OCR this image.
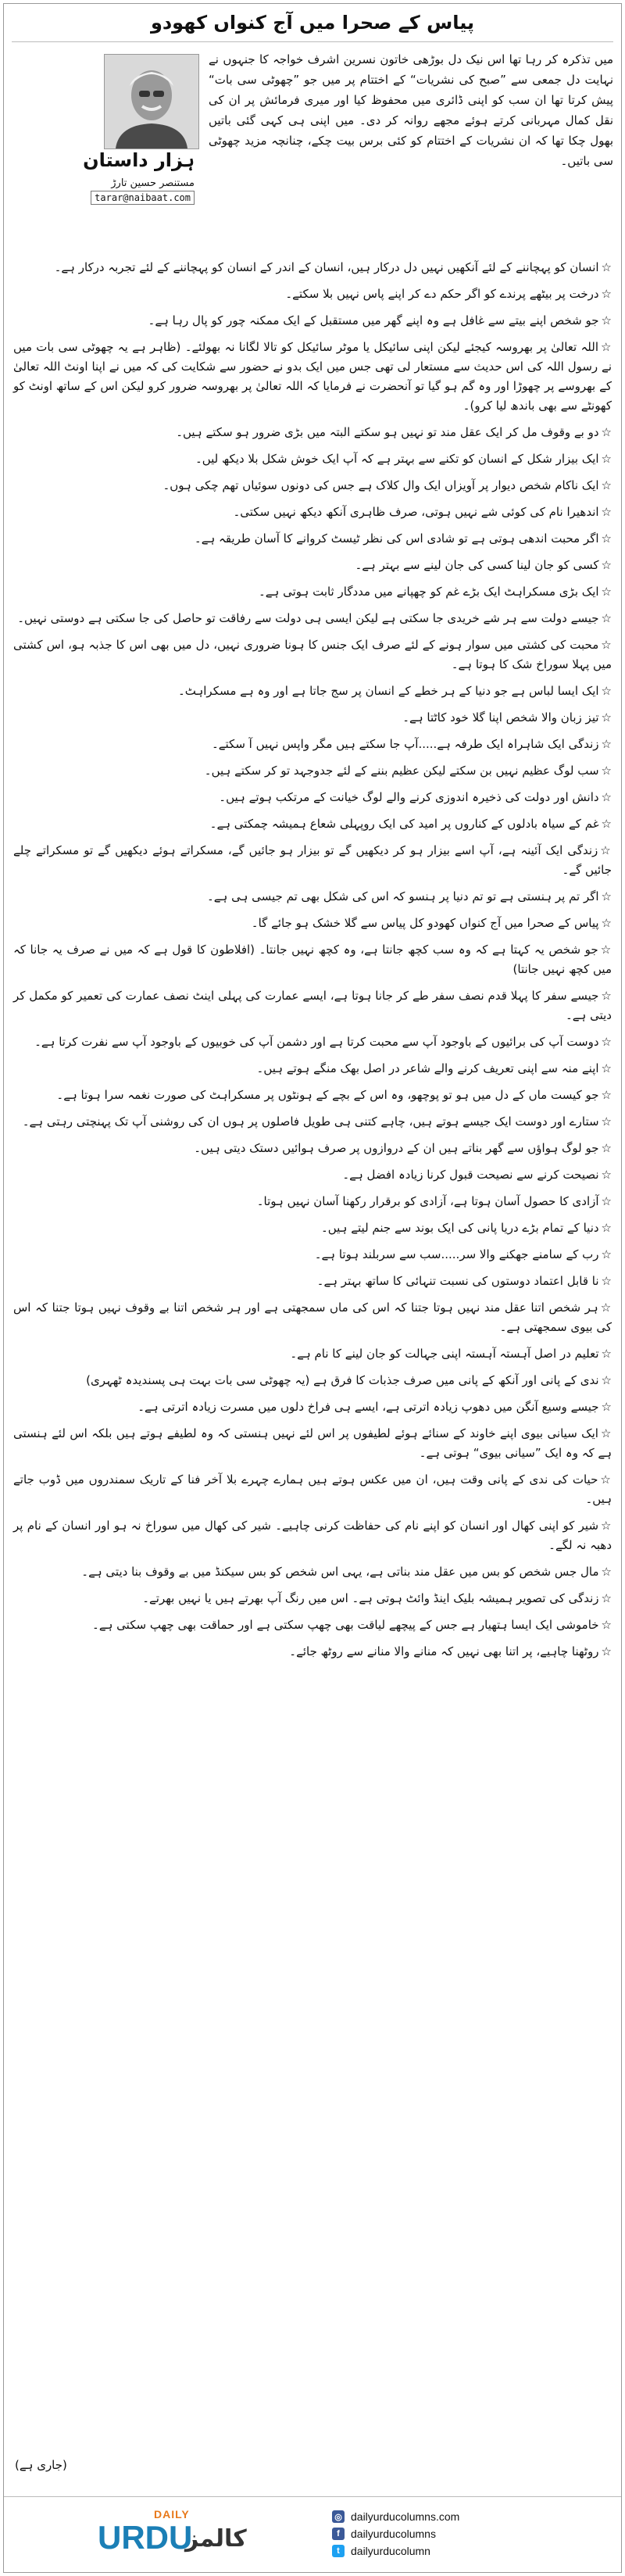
پیاس کے صحرا میں آج کنواں کھودو
ہزار داستان
مستنصر حسین تارڑ
tarar@naibaat.com
میں تذکرہ کر رہا تھا اس نیک دل بوڑھی خاتون نسرین اشرف خواجہ کا جنہوں نے نہایت دل جمعی سے ”صبح کی نشریات“ کے اختتام پر میں جو ”چھوٹی سی بات“ پیش کرتا تھا ان سب کو اپنی ڈائری میں محفوظ کیا اور میری فرمائش پر ان کی نقل کمال مہربانی کرتے ہوئے مجھے روانہ کر دی۔ میں اپنی ہی کہی گئی باتیں بھول چکا تھا کہ ان نشریات کے اختتام کو کئی برس بیت چکے، چنانچہ مزید چھوٹی سی باتیں۔

☆انسان کو پہچاننے کے لئے آنکھیں نہیں دل درکار ہیں، انسان کے اندر کے انسان کو پہچاننے کے لئے تجربہ درکار ہے۔

☆درخت پر بیٹھے پرندے کو اگر حکم دے کر اپنے پاس نہیں بلا سکتے۔

☆جو شخص اپنے بیتے سے غافل ہے وہ اپنے گھر میں مستقبل کے ایک ممکنہ چور کو پال رہا ہے۔

☆اللہ تعالیٰ پر بھروسہ کیجئے لیکن اپنی سائیکل یا موٹر سائیکل کو تالا لگانا نہ بھولئے۔ (ظاہر ہے یہ چھوٹی سی بات میں نے رسول اللہ کی اس حدیث سے مستعار لی تھی جس میں ایک بدو نے حضور سے شکایت کی کہ میں نے اپنا اونٹ اللہ تعالیٰ کے بھروسے پر چھوڑا اور وہ گم ہو گیا تو آنحضرت نے فرمایا کہ اللہ تعالیٰ پر بھروسہ ضرور کرو لیکن اس کے ساتھ اونٹ کو کھونٹے سے بھی باندھ لیا کرو)۔

☆دو بے وقوف مل کر ایک عقل مند تو نہیں ہو سکتے البتہ میں بڑی ضرور ہو سکتے ہیں۔

☆ایک بیزار شکل کے انسان کو تکنے سے بہتر ہے کہ آپ ایک خوش شکل بلا دیکھ لیں۔

☆ایک ناکام شخص دیوار پر آویزاں ایک وال کلاک ہے جس کی دونوں سوئیاں تھم چکی ہوں۔

☆اندھیرا نام کی کوئی شے نہیں ہوتی، صرف ظاہری آنکھ دیکھ نہیں سکتی۔

☆اگر محبت اندھی ہوتی ہے تو شادی اس کی نظر ٹیسٹ کروانے کا آسان طریقہ ہے۔

☆کسی کو جان لینا کسی کی جان لینے سے بہتر ہے۔

☆ایک بڑی مسکراہٹ ایک بڑے غم کو چھپانے میں مددگار ثابت ہوتی ہے۔

☆جیسے دولت سے ہر شے خریدی جا سکتی ہے لیکن ایسی ہی دولت سے رفاقت تو حاصل کی جا سکتی ہے دوستی نہیں۔

☆محبت کی کشتی میں سوار ہونے کے لئے صرف ایک جنس کا ہونا ضروری نہیں، دل میں بھی اس کا جذبہ ہو، اس کشتی میں پہلا سوراخ شک کا ہوتا ہے۔

☆ایک ایسا لباس ہے جو دنیا کے ہر خطے کے انسان پر سج جاتا ہے اور وہ ہے مسکراہٹ۔

☆تیز زبان والا شخص اپنا گلا خود کاٹتا ہے۔

☆زندگی ایک شاہراہ ایک طرفہ ہے.....آپ جا سکتے ہیں مگر واپس نہیں آ سکتے۔

☆سب لوگ عظیم نہیں بن سکتے لیکن عظیم بننے کے لئے جدوجہد تو کر سکتے ہیں۔

☆دانش اور دولت کی ذخیرہ اندوزی کرنے والے لوگ خیانت کے مرتکب ہوتے ہیں۔

☆غم کے سیاہ بادلوں کے کناروں پر امید کی ایک روپہلی شعاع ہمیشہ چمکتی ہے۔

☆زندگی ایک آئینہ ہے، آپ اسے بیزار ہو کر دیکھیں گے تو بیزار ہو جائیں گے، مسکراتے ہوئے دیکھیں گے تو مسکراتے چلے جائیں گے۔

☆اگر تم پر ہنستی ہے تو تم دنیا پر ہنسو کہ اس کی شکل بھی تم جیسی ہی ہے۔

☆پیاس کے صحرا میں آج کنواں کھودو کل پیاس سے گلا خشک ہو جائے گا۔

☆جو شخص یہ کہتا ہے کہ وہ سب کچھ جانتا ہے، وہ کچھ نہیں جانتا۔ (افلاطون کا قول ہے کہ میں نے صرف یہ جانا کہ میں کچھ نہیں جانتا)

☆جیسے سفر کا پہلا قدم نصف سفر طے کر جانا ہوتا ہے، ایسے عمارت کی پہلی اینٹ نصف عمارت کی تعمیر کو مکمل کر دیتی ہے۔

☆دوست آپ کی برائیوں کے باوجود آپ سے محبت کرتا ہے اور دشمن آپ کی خوبیوں کے باوجود آپ سے نفرت کرتا ہے۔

☆اپنے منہ سے اپنی تعریف کرنے والے شاعر در اصل بھک منگے ہوتے ہیں۔

☆جو کیست ماں کے دل میں ہو تو پوچھو، وہ اس کے بچے کے ہونٹوں پر مسکراہٹ کی صورت نغمہ سرا ہوتا ہے۔

☆ستارے اور دوست ایک جیسے ہوتے ہیں، چاہے کتنی ہی طویل فاصلوں پر ہوں ان کی روشنی آپ تک پہنچتی رہتی ہے۔

☆جو لوگ ہواؤں سے گھر بناتے ہیں ان کے دروازوں پر صرف ہوائیں دستک دیتی ہیں۔

☆نصیحت کرنے سے نصیحت قبول کرنا زیادہ افضل ہے۔

☆آزادی کا حصول آسان ہوتا ہے، آزادی کو برقرار رکھنا آسان نہیں ہوتا۔

☆دنیا کے تمام بڑے دریا پانی کی ایک بوند سے جنم لیتے ہیں۔

☆رب کے سامنے جھکنے والا سر.....سب سے سربلند ہوتا ہے۔

☆نا قابل اعتماد دوستوں کی نسبت تنہائی کا ساتھ بہتر ہے۔

☆ہر شخص اتنا عقل مند نہیں ہوتا جتنا کہ اس کی ماں سمجھتی ہے اور ہر شخص اتنا بے وقوف نہیں ہوتا جتنا کہ اس کی بیوی سمجھتی ہے۔

☆تعلیم در اصل آہستہ آہستہ اپنی جہالت کو جان لینے کا نام ہے۔

☆ندی کے پانی اور آنکھ کے پانی میں صرف جذبات کا فرق ہے (یہ چھوٹی سی بات بہت ہی پسندیدہ ٹھہری)

☆جیسے وسیع آنگن میں دھوپ زیادہ اترتی ہے، ایسے ہی فراخ دلوں میں مسرت زیادہ اترتی ہے۔

☆ایک سیانی بیوی اپنے خاوند کے سنائے ہوئے لطیفوں پر اس لئے نہیں ہنستی کہ وہ لطیفے ہوتے ہیں بلکہ اس لئے ہنستی ہے کہ وہ ایک ”سیانی بیوی“ ہوتی ہے۔

☆حیات کی ندی کے پانی وقت ہیں، ان میں عکس ہوتے ہیں ہمارے چہرے بلا آخر فنا کے تاریک سمندروں میں ڈوب جاتے ہیں۔

☆شیر کو اپنی کھال اور انسان کو اپنے نام کی حفاظت کرنی چاہیے۔ شیر کی کھال میں سوراخ نہ ہو اور انسان کے نام پر دھبہ نہ لگے۔

☆مال جس شخص کو بس میں عقل مند بناتی ہے، یہی اس شخص کو بس سیکنڈ میں بے وقوف بنا دیتی ہے۔

☆زندگی کی تصویر ہمیشہ بلیک اینڈ وائٹ ہوتی ہے۔ اس میں رنگ آپ بھرتے ہیں یا نہیں بھرتے۔

☆خاموشی ایک ایسا ہتھیار ہے جس کے پیچھے لیاقت بھی چھپ سکتی ہے اور حماقت بھی چھپ سکتی ہے۔

☆روٹھنا چاہیے، پر اتنا بھی نہیں کہ منانے والا منانے سے روٹھ جائے۔

(جاری ہے)
DAILY
URDU
کالمز
◎ dailyurducolumns.com
f	dailyurducolumns
t	dailyurducolumn
